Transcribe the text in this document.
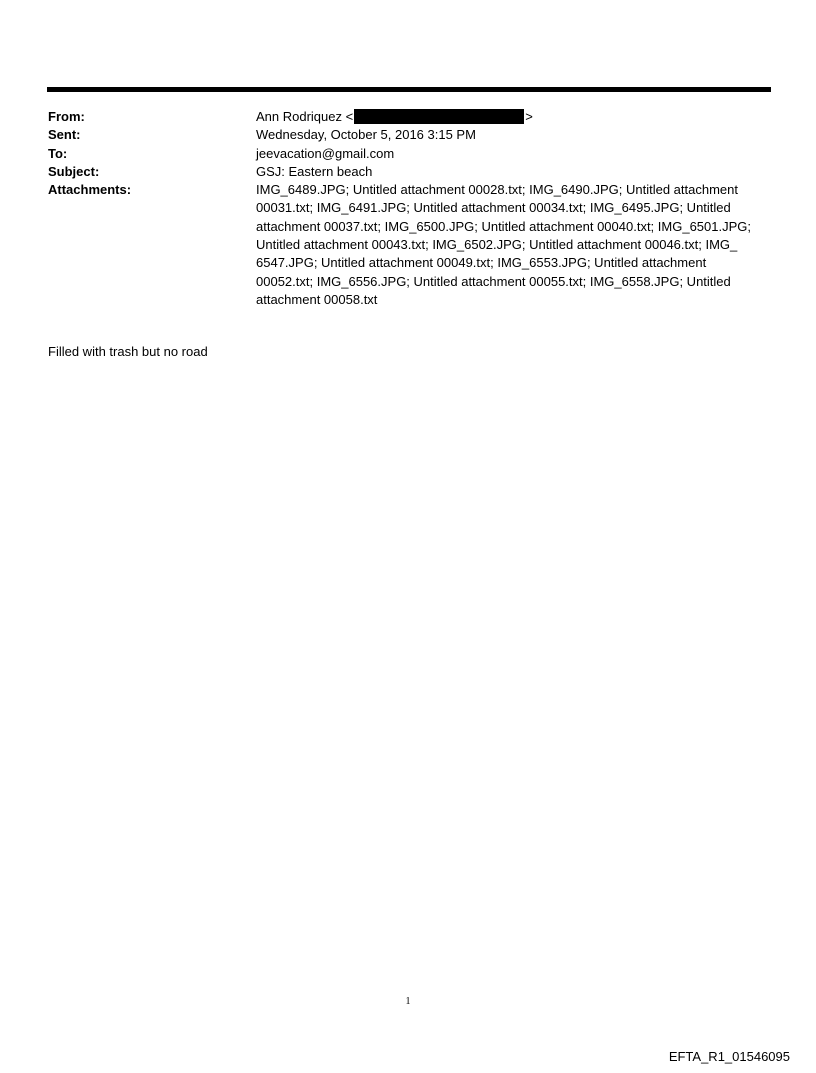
From:	Ann Rodriquez <	>
Sent:	Wednesday, October 5, 2016 3:15 PM
To:	jeevacation@gmail.com
Subject:	GSJ: Eastern beach
Attachments:	IMG_6489.JPG; Untitled attachment 00028.txt; IMG_6490.JPG; Untitled attachment 00031.txt; IMG_6491.JPG; Untitled attachment 00034.txt; IMG_6495.JPG; Untitled attachment 00037.txt; IMG_6500.JPG; Untitled attachment 00040.txt; IMG_6501.JPG; Untitled attachment 00043.txt; IMG_6502.JPG; Untitled attachment 00046.txt; IMG_ 6547.JPG; Untitled attachment 00049.txt; IMG_6553.JPG; Untitled attachment 00052.txt; IMG_6556.JPG; Untitled attachment 00055.txt; IMG_6558.JPG; Untitled attachment 00058.txt
Filled with trash but no road
1
EFTA_R1_01546095
